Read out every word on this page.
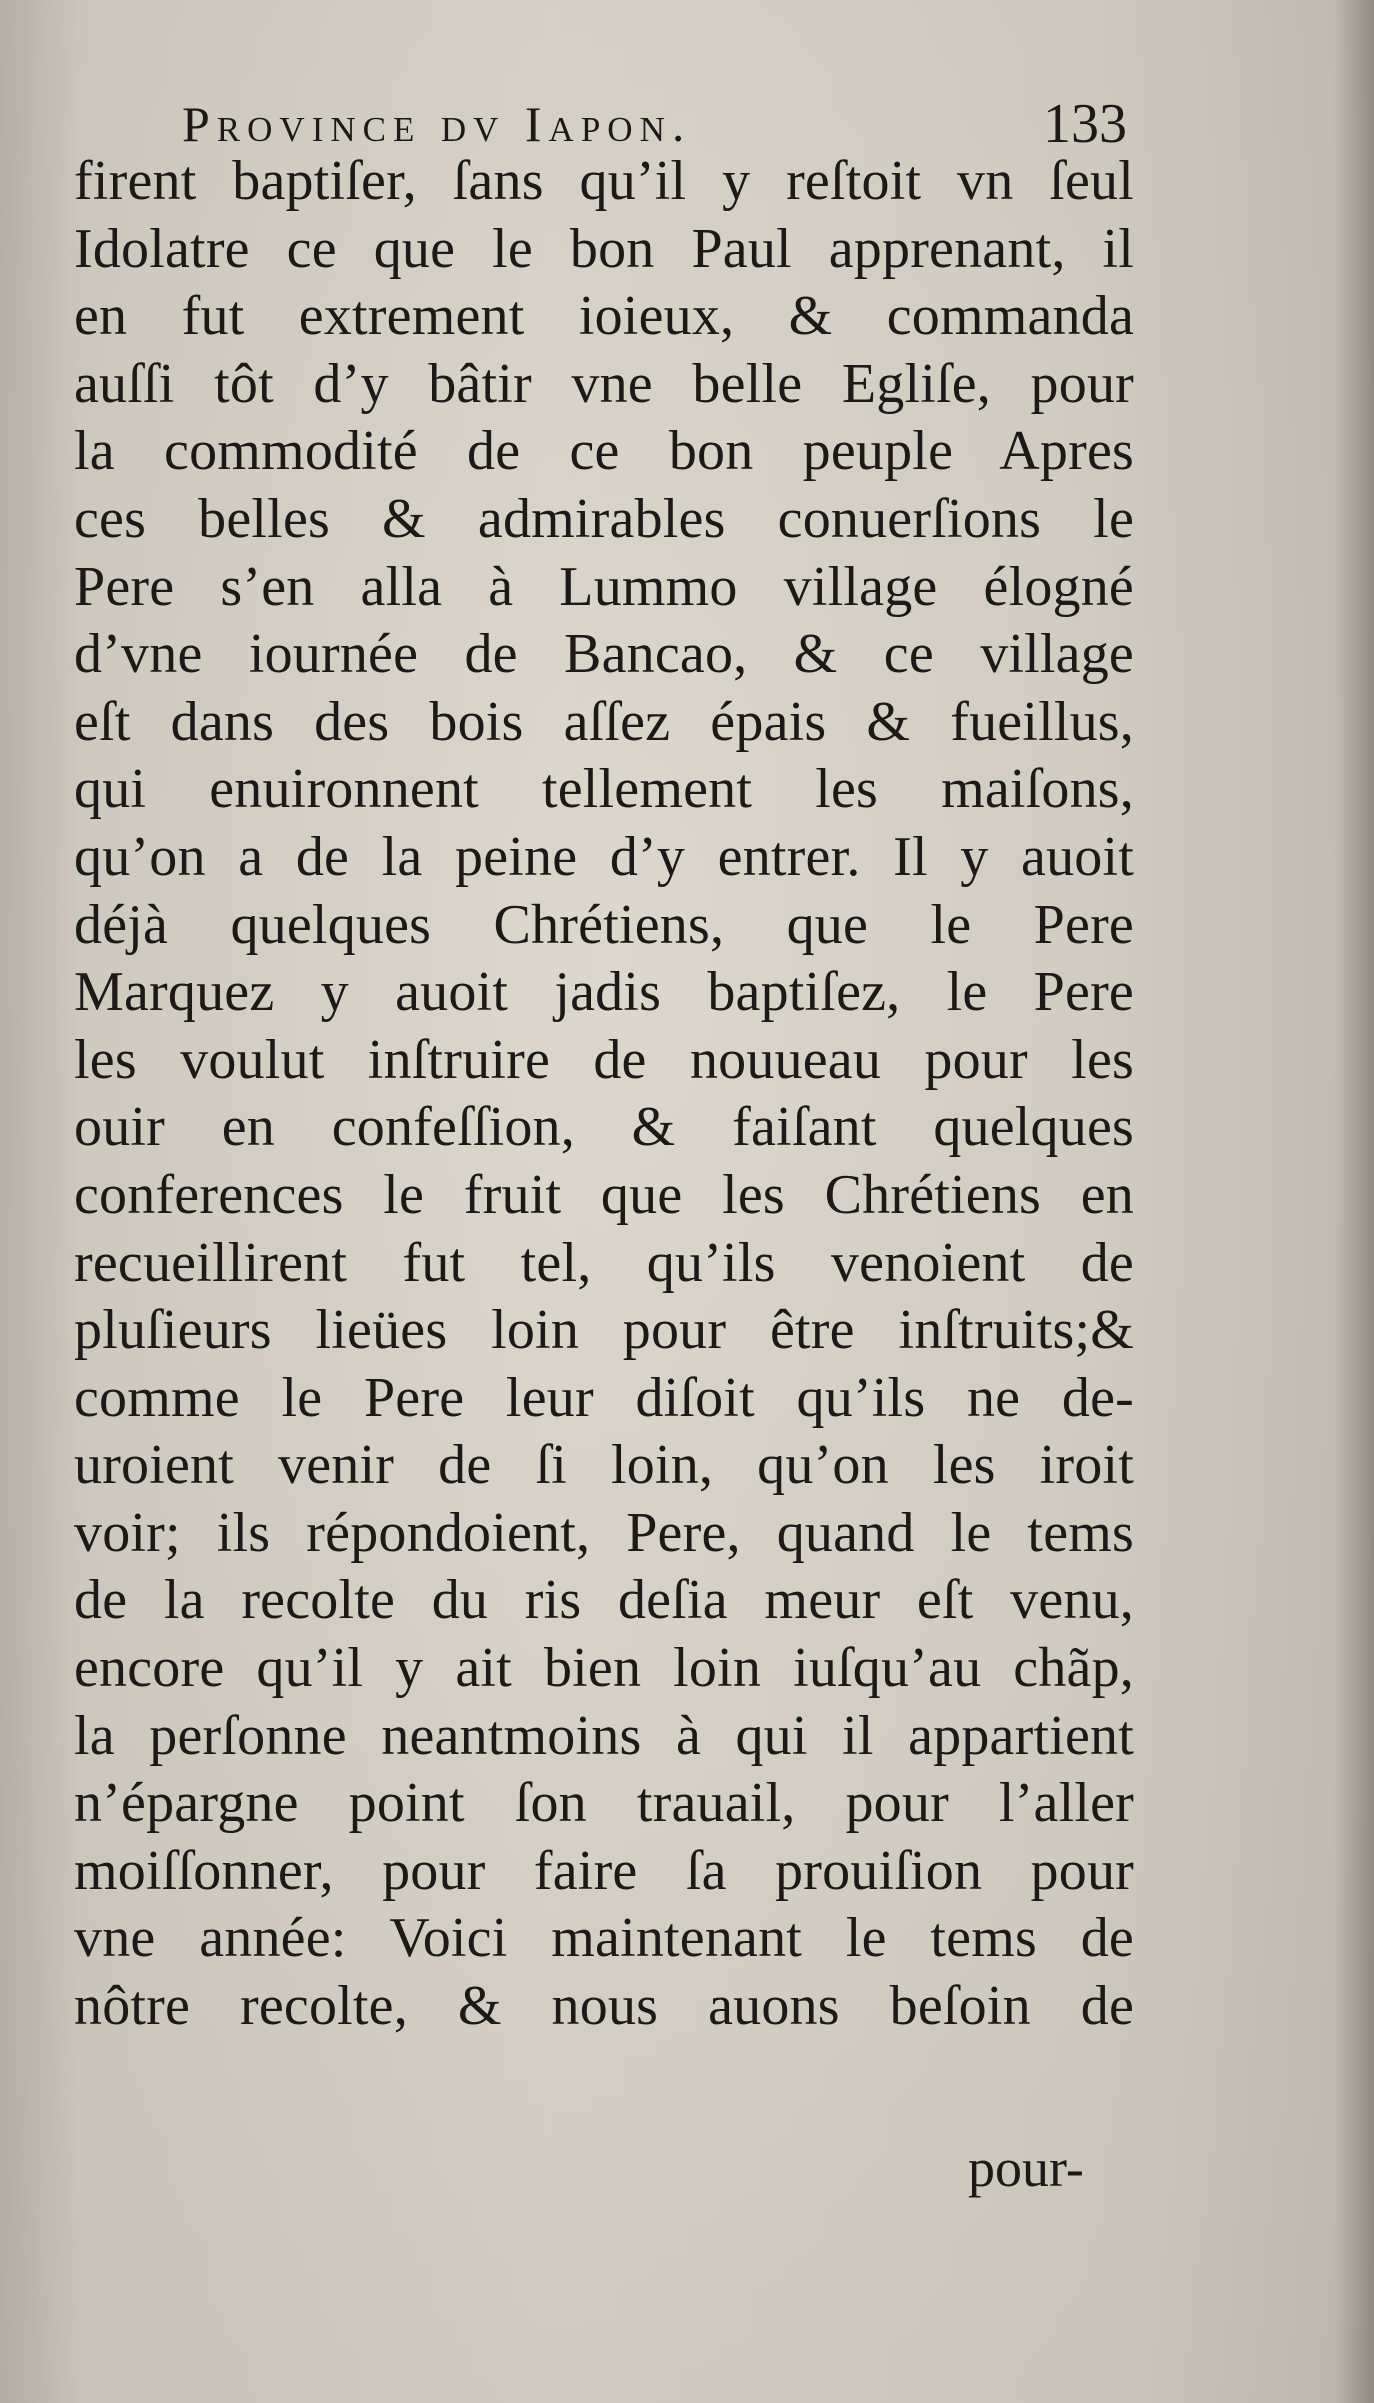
Province dv Iapon.	133
firent baptiſer, ſans qu’il y reſtoit vn ſeul
Idolatre ce que le bon Paul apprenant, il
en fut extrement ioieux, & commanda
auſſi tôt d’y bâtir vne belle Egliſe, pour
la commodité de ce bon peuple Apres
ces belles & admirables conuerſions le
Pere s’en alla à Lummo village élogné
d’vne iournée de Bancao, & ce village
eſt dans des bois aſſez épais & fueillus,
qui enuironnent tellement les maiſons,
qu’on a de la peine d’y entrer. Il y auoit
déjà quelques Chrétiens, que le Pere
Marquez y auoit jadis baptiſez, le Pere
les voulut inſtruire de nouueau pour les
ouir en confeſſion, & faiſant quelques
conferences le fruit que les Chrétiens en
recueillirent fut tel, qu’ils venoient de
pluſieurs lieües loin pour être inſtruits;&
comme le Pere leur diſoit qu’ils ne de-
uroient venir de ſi loin, qu’on les iroit
voir; ils répondoient, Pere, quand le tems
de la recolte du ris deſia meur eſt venu,
encore qu’il y ait bien loin iuſqu’au chãp,
la perſonne neantmoins à qui il appartient
n’épargne point ſon trauail, pour l’aller
moiſſonner, pour faire ſa prouiſion pour
vne année: Voici maintenant le tems de
nôtre recolte, & nous auons beſoin de
pour-
